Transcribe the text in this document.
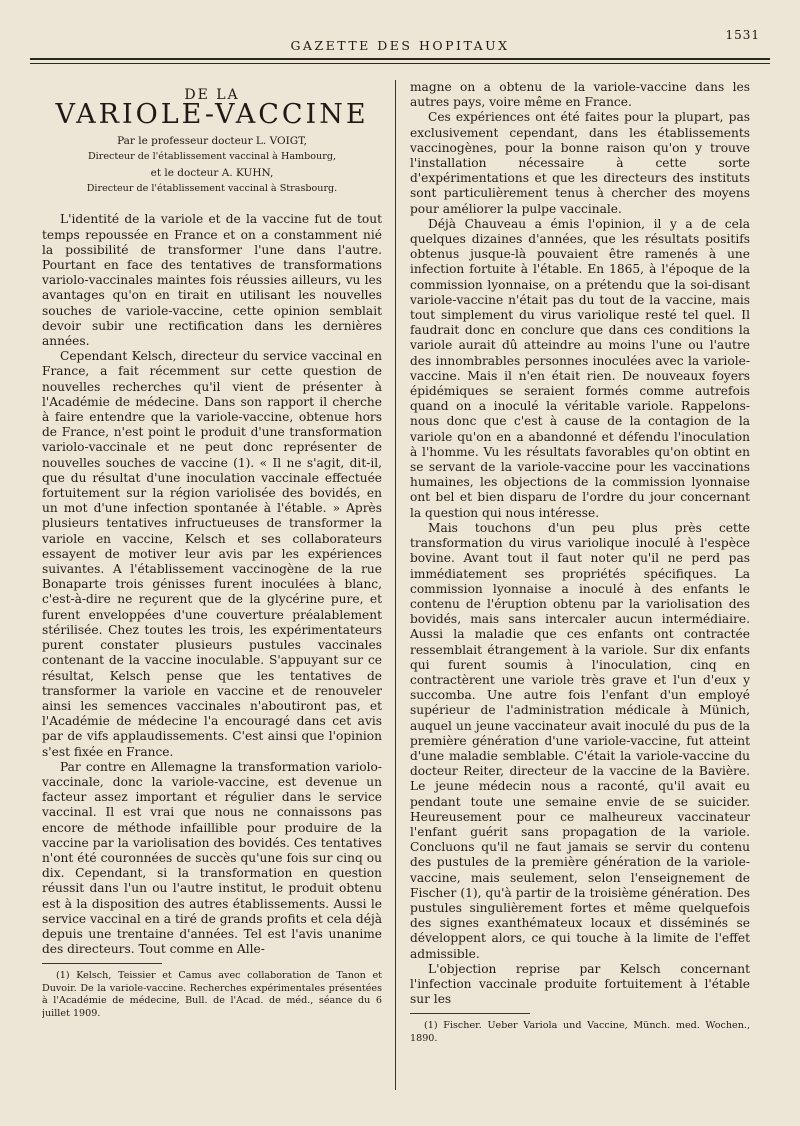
GAZETTE DES HOPITAUX
1531
DE LA
VARIOLE-VACCINE
Par le professeur docteur L. VOIGT,
Directeur de l'établissement vaccinal à Hambourg,
et le docteur A. KUHN,
Directeur de l'établissement vaccinal à Strasbourg.

L'identité de la variole et de la vaccine fut de tout temps repoussée en France et on a constamment nié la possibilité de transformer l'une dans l'autre. Pourtant en face des tentatives de transformations variolo-vaccinales maintes fois réussies ailleurs, vu les avantages qu'on en tirait en utilisant les nouvelles souches de variole-vaccine, cette opinion semblait devoir subir une rectification dans les dernières années.

Cependant Kelsch, directeur du service vaccinal en France, a fait récemment sur cette question de nouvelles recherches qu'il vient de présenter à l'Académie de médecine. Dans son rapport il cherche à faire entendre que la variole-vaccine, obtenue hors de France, n'est point le produit d'une transformation variolo-vaccinale et ne peut donc représenter de nouvelles souches de vaccine (1). « Il ne s'agit, dit-il, que du résultat d'une inoculation vaccinale effectuée fortuitement sur la région variolisée des bovidés, en un mot d'une infection spontanée à l'étable. » Après plusieurs tentatives infructueuses de transformer la variole en vaccine, Kelsch et ses collaborateurs essayent de motiver leur avis par les expériences suivantes. A l'établissement vaccinogène de la rue Bonaparte trois génisses furent inoculées à blanc, c'est-à-dire ne reçurent que de la glycérine pure, et furent enveloppées d'une couverture préalablement stérilisée. Chez toutes les trois, les expérimentateurs purent constater plusieurs pustules vaccinales contenant de la vaccine inoculable. S'appuyant sur ce résultat, Kelsch pense que les tentatives de transformer la variole en vaccine et de renouveler ainsi les semences vaccinales n'aboutiront pas, et l'Académie de médecine l'a encouragé dans cet avis par de vifs applaudissements. C'est ainsi que l'opinion s'est fixée en France.

Par contre en Allemagne la transformation variolo-vaccinale, donc la variole-vaccine, est devenue un facteur assez important et régulier dans le service vaccinal. Il est vrai que nous ne connaissons pas encore de méthode infaillible pour produire de la vaccine par la variolisation des bovidés. Ces tentatives n'ont été couronnées de succès qu'une fois sur cinq ou dix. Cependant, si la transformation en question réussit dans l'un ou l'autre institut, le produit obtenu est à la disposition des autres établissements. Aussi le service vaccinal en a tiré de grands profits et cela déjà depuis une trentaine d'années. Tel est l'avis unanime des directeurs. Tout comme en Alle-

(1) Kelsch, Teissier et Camus avec collaboration de Tanon et Duvoir. De la variole-vaccine. Recherches expérimentales présentées à l'Académie de médecine, Bull. de l'Acad. de méd., séance du 6 juillet 1909.

magne on a obtenu de la variole-vaccine dans les autres pays, voire même en France.

Ces expériences ont été faites pour la plupart, pas exclusivement cependant, dans les établissements vaccinogènes, pour la bonne raison qu'on y trouve l'installation nécessaire à cette sorte d'expérimentations et que les directeurs des instituts sont particulièrement tenus à chercher des moyens pour améliorer la pulpe vaccinale.

Déjà Chauveau a émis l'opinion, il y a de cela quelques dizaines d'années, que les résultats positifs obtenus jusque-là pouvaient être ramenés à une infection fortuite à l'étable. En 1865, à l'époque de la commission lyonnaise, on a prétendu que la soi-disant variole-vaccine n'était pas du tout de la vaccine, mais tout simplement du virus variolique resté tel quel. Il faudrait donc en conclure que dans ces conditions la variole aurait dû atteindre au moins l'une ou l'autre des innombrables personnes inoculées avec la variole-vaccine. Mais il n'en était rien. De nouveaux foyers épidémiques se seraient formés comme autrefois quand on a inoculé la véritable variole. Rappelons-nous donc que c'est à cause de la contagion de la variole qu'on en a abandonné et défendu l'inoculation à l'homme. Vu les résultats favorables qu'on obtint en se servant de la variole-vaccine pour les vaccinations humaines, les objections de la commission lyonnaise ont bel et bien disparu de l'ordre du jour concernant la question qui nous intéresse.

Mais touchons d'un peu plus près cette transformation du virus variolique inoculé à l'espèce bovine. Avant tout il faut noter qu'il ne perd pas immédiatement ses propriétés spécifiques. La commission lyonnaise a inoculé à des enfants le contenu de l'éruption obtenu par la variolisation des bovidés, mais sans intercaler aucun intermédiaire. Aussi la maladie que ces enfants ont contractée ressemblait étrangement à la variole. Sur dix enfants qui furent soumis à l'inoculation, cinq en contractèrent une variole très grave et l'un d'eux y succomba. Une autre fois l'enfant d'un employé supérieur de l'administration médicale à Münich, auquel un jeune vaccinateur avait inoculé du pus de la première génération d'une variole-vaccine, fut atteint d'une maladie semblable. C'était la variole-vaccine du docteur Reiter, directeur de la vaccine de la Bavière. Le jeune médecin nous a raconté, qu'il avait eu pendant toute une semaine envie de se suicider. Heureusement pour ce malheureux vaccinateur l'enfant guérit sans propagation de la variole. Concluons qu'il ne faut jamais se servir du contenu des pustules de la première génération de la variole-vaccine, mais seulement, selon l'enseignement de Fischer (1), qu'à partir de la troisième génération. Des pustules singulièrement fortes et même quelquefois des signes exanthémateux locaux et disséminés se développent alors, ce qui touche à la limite de l'effet admissible.

L'objection reprise par Kelsch concernant l'infection vaccinale produite fortuitement à l'étable sur les

(1) Fischer. Ueber Variola und Vaccine, Münch. med. Wochen., 1890.
